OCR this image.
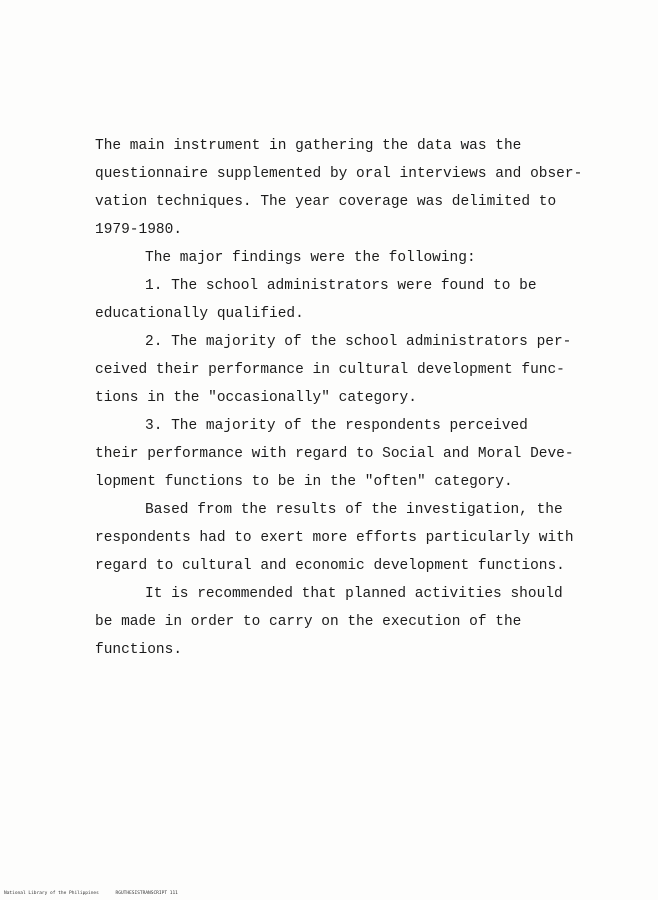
The main instrument in gathering the data was the
questionnaire supplemented by oral interviews and obser-
vation techniques. The year coverage was delimited to
1979-1980.
The major findings were the following:
1. The school administrators were found to be
educationally qualified.
2. The majority of the school administrators per-
ceived their performance in cultural development func-
tions in the "occasionally" category.
3. The majority of the respondents perceived
their performance with regard to Social and Moral Deve-
lopment functions to be in the "often" category.
Based from the results of the investigation, the
respondents had to exert more efforts particularly with
regard to cultural and economic development functions.
It is recommended that planned activities should
be made in order to carry on the execution of the
functions.
National Library of the Philippines	RGUTHESISTRANSCRIPT 111
